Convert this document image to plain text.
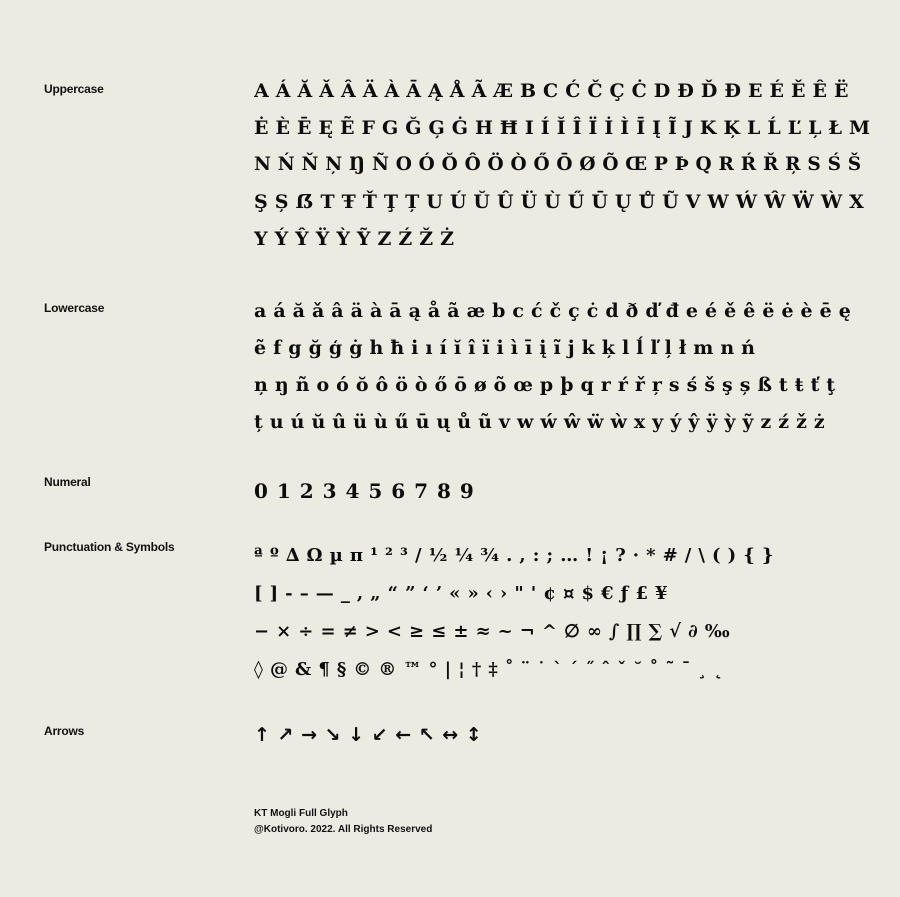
Uppercase	A Á Ă Ǎ Â Ä À Ā Ą Å Ã Æ B C Ć Č Ç Ċ D Ð Ď Đ E É Ě Ê Ë
Ė È Ē Ę Ẽ F G Ğ Ģ Ġ H Ħ I Í Ĭ Î Ï İ Ì Ī Į Ĩ J K Ķ L Ĺ Ľ Ļ Ł M
N Ń Ň Ņ Ŋ Ñ O Ó Ŏ Ô Ö Ò Ő Ō Ø Õ Œ P Þ Q R Ŕ Ř Ŗ S Ś Š
Ş Ș ẞ T Ŧ Ť Ţ Ț U Ú Ŭ Û Ü Ù Ű Ū Ų Ů Ũ V W Ẃ Ŵ Ẅ Ẁ X
Y Ý Ŷ Ÿ Ỳ Ỹ Z Ź Ž Ż
Lowercase	a á ă ǎ â ä à ā ą å ã æ b c ć č ç ċ d ð ď đ e é ě ê ë ė è ē ę
ẽ f g ğ ģ ġ h ħ i ı í ĭ î ï i ì ī į ĩ j k ķ l ĺ ľ ļ ł m n ń
ņ ŋ ñ o ó ŏ ô ö ò ő ō ø õ œ p þ q r ŕ ř ŗ s ś š ş ș ß t ŧ ť ţ
ț u ú ŭ û ü ù ű ū ų ů ũ v w ẃ ŵ ẅ ẁ x y ý ŷ ÿ ỳ ỹ z ź ž ż
Numeral	0 1 2 3 4 5 6 7 8 9
Punctuation & Symbols	ª º ∆ Ω µ π ¹ ² ³ / ½ ¼ ¾ . , : ; … ! ¡ ? · * # / \ ( ) { }
[ ] - – — _ , „ “ ” ‘ ’ « » ‹ › " ' ¢ ¤ $ € ƒ £ ¥
− × ÷ = ≠ > < ≥ ≤ ± ≈ ~ ¬ ^ ∅ ∞ ∫ ∏ ∑ √ ∂ ‰
◊ @ & ¶ § © ® ™ ° | ¦ † ‡ ˚ ¨ ˙ ` ´ ˝ ˆ ˇ ˘ ˚ ˜ ¯ ¸ ˛
Arrows	↑ ↗ → ↘ ↓ ↙ ← ↖ ↔ ↕
KT Mogli Full Glyph
@Kotivoro. 2022. All Rights Reserved
